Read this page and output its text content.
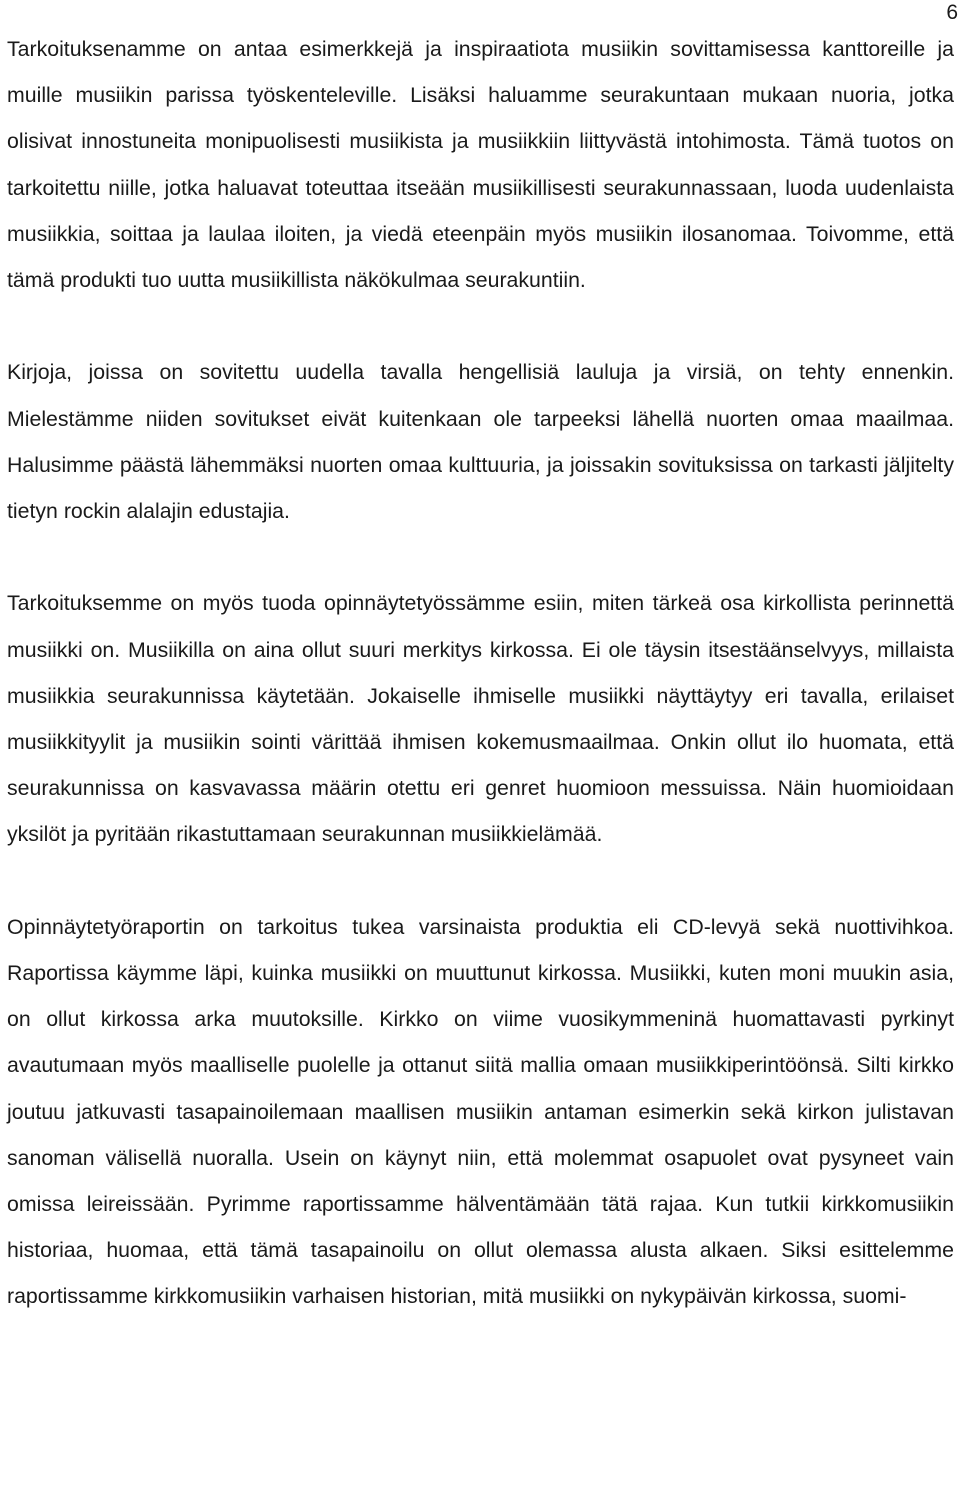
6

Tarkoituksenamme on antaa esimerkkejä ja inspiraatiota musiikin sovittamisessa kanttoreille ja muille musiikin parissa työskenteleville. Lisäksi haluamme seurakuntaan mukaan nuoria, jotka olisivat innostuneita monipuolisesti musiikista ja musiikkiin liittyvästä intohimosta. Tämä tuotos on tarkoitettu niille, jotka haluavat toteuttaa itseään musiikillisesti seurakunnassaan, luoda uudenlaista musiikkia, soittaa ja laulaa iloiten, ja viedä eteenpäin myös musiikin ilosanomaa. Toivomme, että tämä produkti tuo uutta musiikillista näkökulmaa seurakuntiin.

Kirjoja, joissa on sovitettu uudella tavalla hengellisiä lauluja ja virsiä, on tehty ennenkin. Mielestämme niiden sovitukset eivät kuitenkaan ole tarpeeksi lähellä nuorten omaa maailmaa. Halusimme päästä lähemmäksi nuorten omaa kulttuuria, ja joissakin sovituksissa on tarkasti jäljitelty tietyn rockin alalajin edustajia.

Tarkoituksemme on myös tuoda opinnäytetyössämme esiin, miten tärkeä osa kirkollista perinnettä musiikki on. Musiikilla on aina ollut suuri merkitys kirkossa. Ei ole täysin itsestäänselvyys, millaista musiikkia seurakunnissa käytetään. Jokaiselle ihmiselle musiikki näyttäytyy eri tavalla, erilaiset musiikkityylit ja musiikin sointi värittää ihmisen kokemusmaailmaa. Onkin ollut ilo huomata, että seurakunnissa on kasvavassa määrin otettu eri genret huomioon messuissa. Näin huomioidaan yksilöt ja pyritään rikastuttamaan seurakunnan musiikkielämää.

Opinnäytetyöraportin on tarkoitus tukea varsinaista produktia eli CD-levyä sekä nuottivihkoa. Raportissa käymme läpi, kuinka musiikki on muuttunut kirkossa. Musiikki, kuten moni muukin asia, on ollut kirkossa arka muutoksille. Kirkko on viime vuosikymmeninä huomattavasti pyrkinyt avautumaan myös maalliselle puolelle ja ottanut siitä mallia omaan musiikkiperintöönsä. Silti kirkko joutuu jatkuvasti tasapainoilemaan maallisen musiikin antaman esimerkin sekä kirkon julistavan sanoman välisellä nuoralla. Usein on käynyt niin, että molemmat osapuolet ovat pysyneet vain omissa leireissään. Pyrimme raportissamme hälventämään tätä rajaa. Kun tutkii kirkkomusiikin historiaa, huomaa, että tämä tasapainoilu on ollut olemassa alusta alkaen. Siksi esittelemme raportissamme kirkkomusiikin varhaisen historian, mitä musiikki on nykypäivän kirkossa, suomi-
